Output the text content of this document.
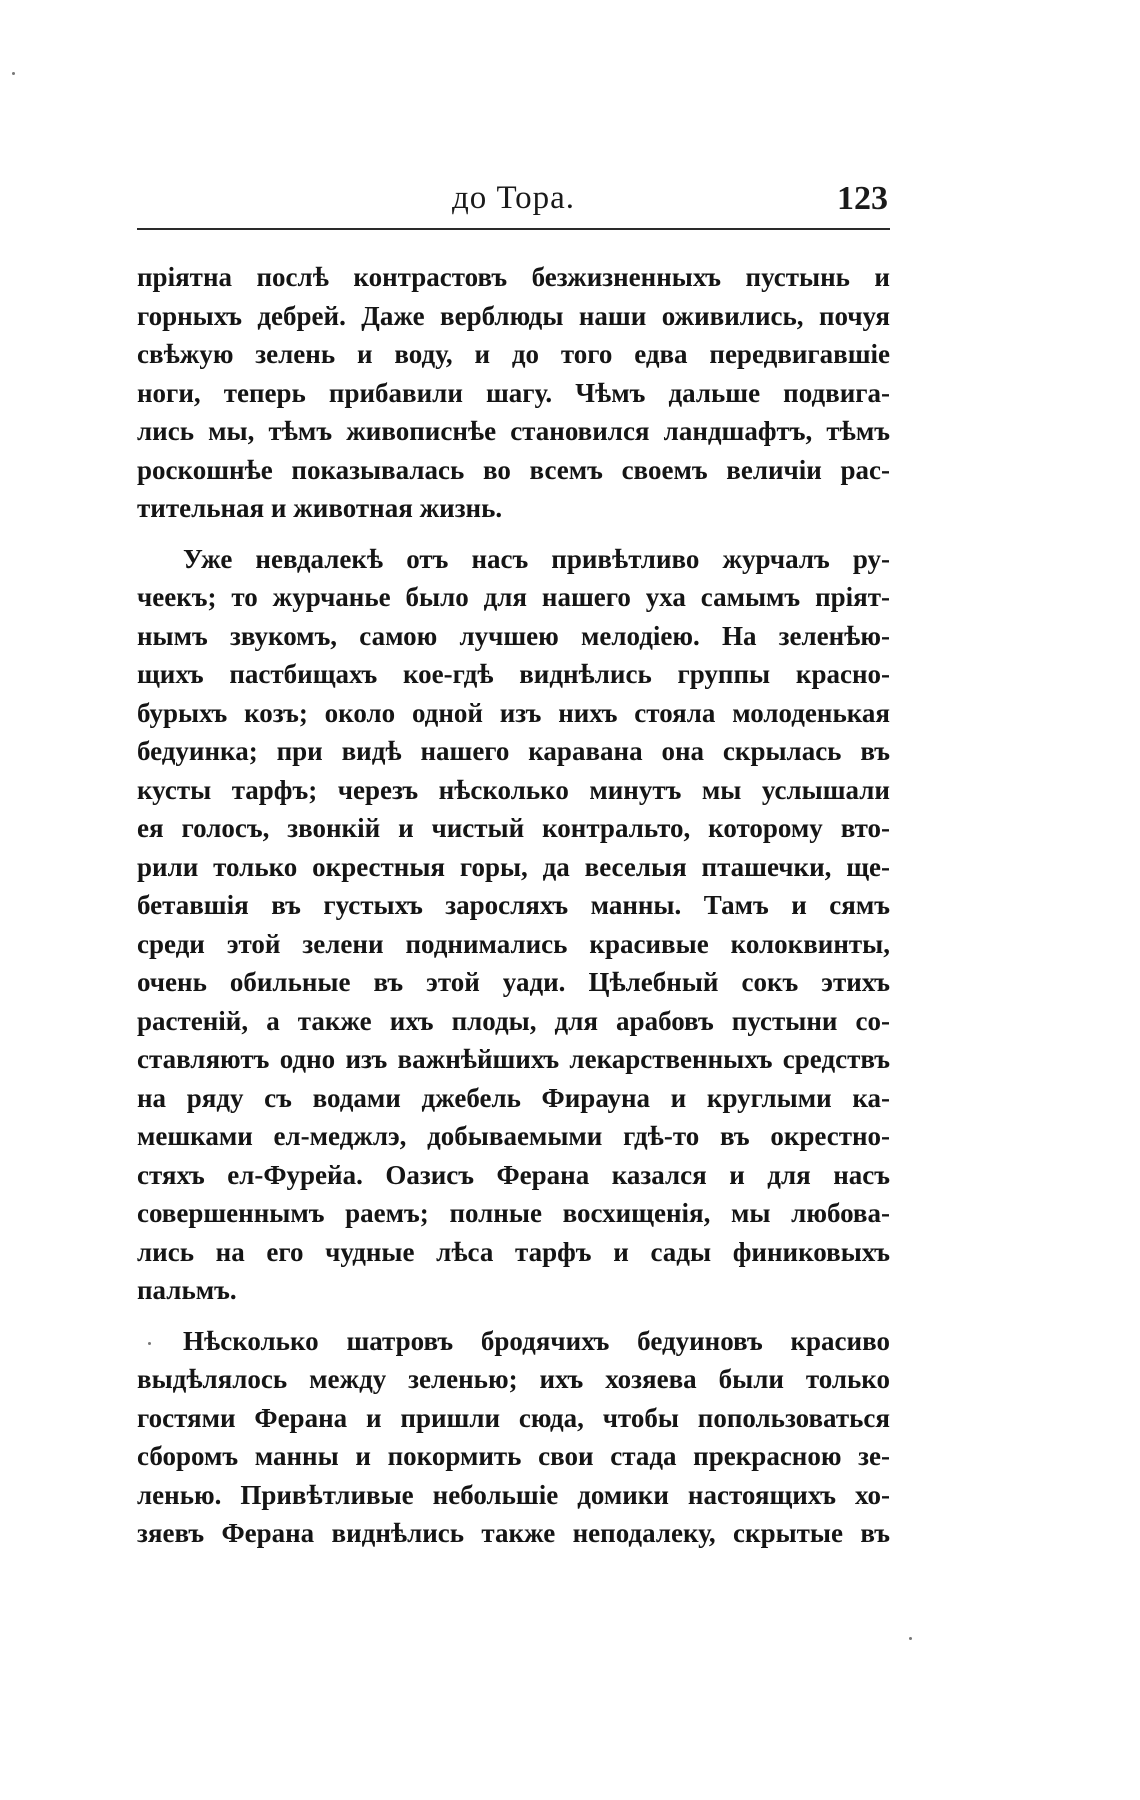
до Тора.	123
пріятна послѣ контрастовъ безжизненныхъ пустынь и
горныхъ дебрей. Даже верблюды наши оживились, почуя
свѣжую зелень и воду, и до того едва передвигавшіе
ноги, теперь прибавили шагу. Чѣмъ дальше подвига-
лись мы, тѣмъ живописнѣе становился ландшафтъ, тѣмъ
роскошнѣе показывалась во всемъ своемъ величіи рас-
тительная и животная жизнь.
Уже невдалекѣ отъ насъ привѣтливо журчалъ ру-
чеекъ; то журчанье было для нашего уха самымъ пріят-
нымъ звукомъ, самою лучшею мелодіею. На зеленѣю-
щихъ пастбищахъ кое-гдѣ виднѣлись группы красно-
бурыхъ козъ; около одной изъ нихъ стояла молоденькая
бедуинка; при видѣ нашего каравана она скрылась въ
кусты тарфъ; черезъ нѣсколько минутъ мы услышали
ея голосъ, звонкій и чистый контральто, которому вто-
рили только окрестныя горы, да веселыя пташечки, ще-
бетавшія въ густыхъ заросляхъ манны. Тамъ и сямъ
среди этой зелени поднимались красивые колоквинты,
очень обильные въ этой уади. Цѣлебный сокъ этихъ
растеній, а также ихъ плоды, для арабовъ пустыни со-
ставляютъ одно изъ важнѣйшихъ лекарственныхъ средствъ
на ряду съ водами джебель Фирауна и круглыми ка-
мешками ел-меджлэ, добываемыми гдѣ-то въ окрестно-
стяхъ ел-Фурейа. Оазисъ Ферана казался и для насъ
совершеннымъ раемъ; полные восхищенія, мы любова-
лись на его чудные лѣса тарфъ и сады финиковыхъ
пальмъ.
Нѣсколько шатровъ бродячихъ бедуиновъ красиво
выдѣлялось между зеленью; ихъ хозяева были только
гостями Ферана и пришли сюда, чтобы попользоваться
сборомъ манны и покормить свои стада прекрасною зе-
ленью. Привѣтливые небольшіе домики настоящихъ хо-
зяевъ Ферана виднѣлись также неподалеку, скрытые въ
